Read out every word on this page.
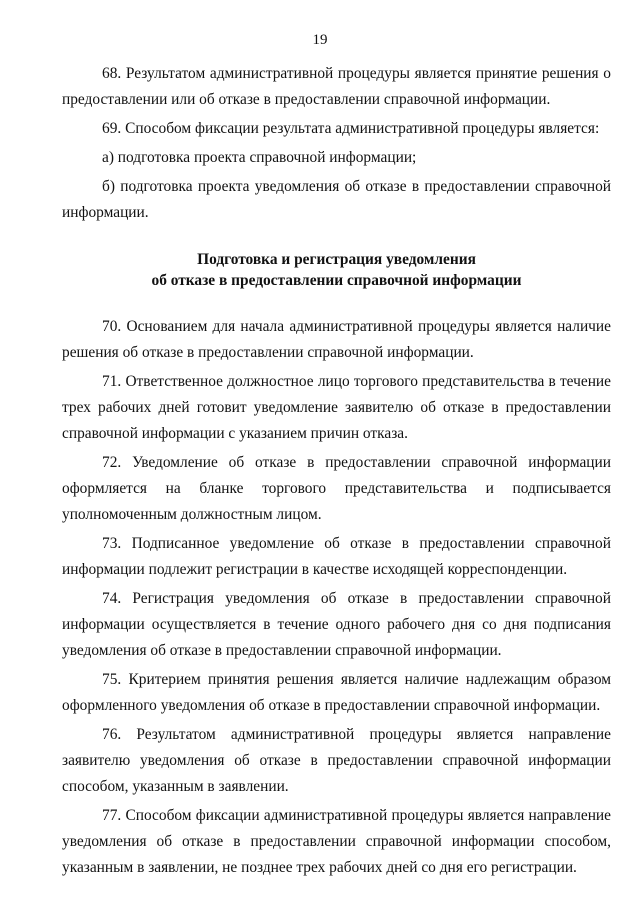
19

68. Результатом административной процедуры является принятие решения о предоставлении или об отказе в предоставлении справочной информации.

69. Способом фиксации результата административной процедуры является:

а) подготовка проекта справочной информации;

б) подготовка проекта уведомления об отказе в предоставлении справочной информации.

Подготовка и регистрация уведомления
об отказе в предоставлении справочной информации

70. Основанием для начала административной процедуры является наличие решения об отказе в предоставлении справочной информации.

71. Ответственное должностное лицо торгового представительства в течение трех рабочих дней готовит уведомление заявителю об отказе в предоставлении справочной информации с указанием причин отказа.

72. Уведомление об отказе в предоставлении справочной информации оформляется на бланке торгового представительства и подписывается уполномоченным должностным лицом.

73. Подписанное уведомление об отказе в предоставлении справочной информации подлежит регистрации в качестве исходящей корреспонденции.

74. Регистрация уведомления об отказе в предоставлении справочной информации осуществляется в течение одного рабочего дня со дня подписания уведомления об отказе в предоставлении справочной информации.

75. Критерием принятия решения является наличие надлежащим образом оформленного уведомления об отказе в предоставлении справочной информации.

76. Результатом административной процедуры является направление заявителю уведомления об отказе в предоставлении справочной информации способом, указанным в заявлении.

77. Способом фиксации административной процедуры является направление уведомления об отказе в предоставлении справочной информации способом, указанным в заявлении, не позднее трех рабочих дней со дня его регистрации.
